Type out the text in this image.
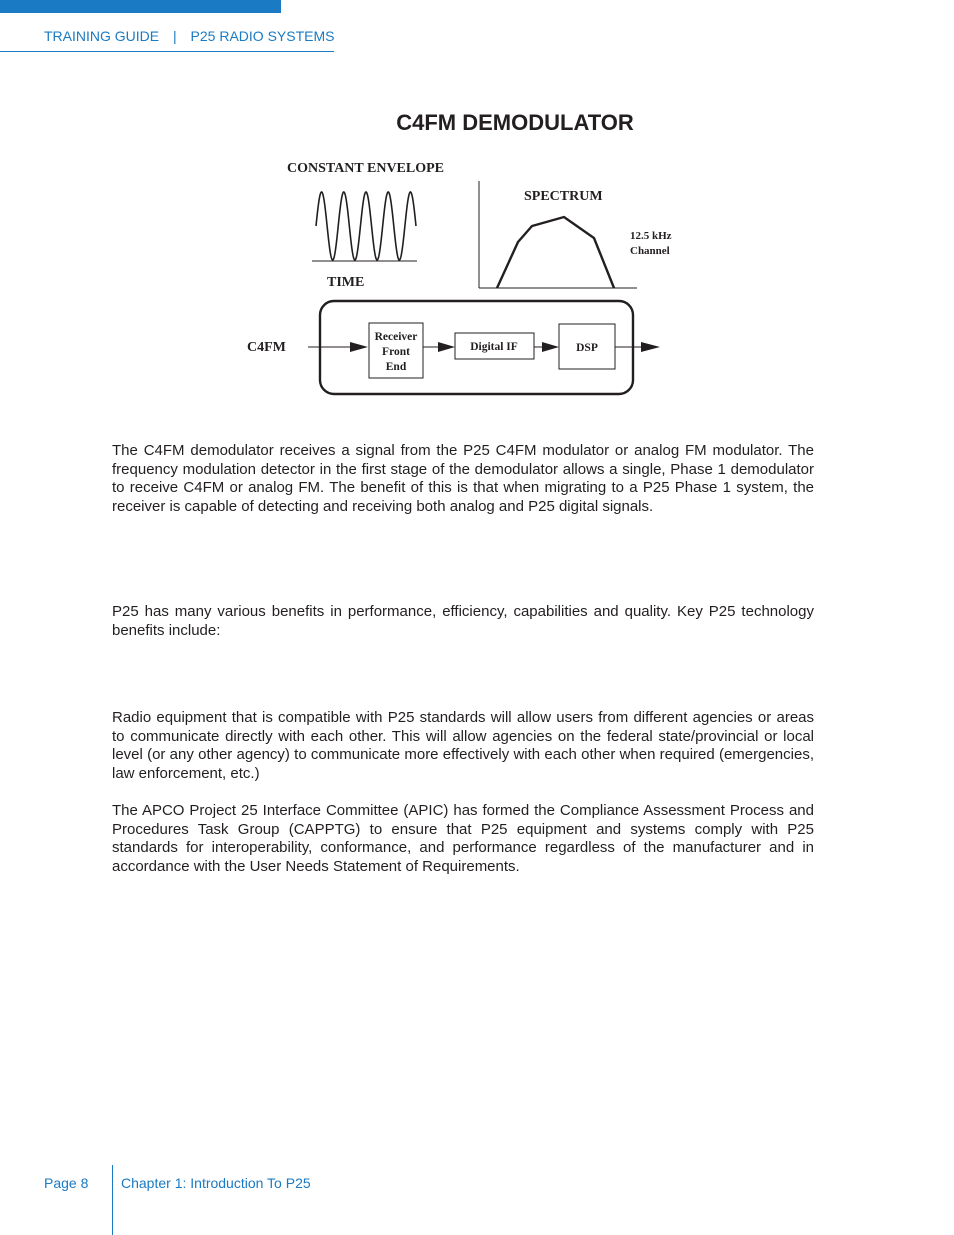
TRAINING GUIDE | P25 RADIO SYSTEMS
C4FM DEMODULATOR
CONSTANT ENVELOPE
TIME
SPECTRUM
12.5 kHz
Channel
C4FM
Receiver
Front
End
Digital IF	DSP
The C4FM demodulator receives a signal from the P25 C4FM modulator or analog FM modulator. The frequency modulation detector in the first stage of the demodulator allows a single, Phase 1 demodulator to receive C4FM or analog FM. The benefit of this is that when migrating to a P25 Phase 1 system, the receiver is capable of detecting and receiving both analog and P25 digital signals.
P25 has many various benefits in performance, efficiency, capabilities and quality. Key P25 technology benefits include:
Radio equipment that is compatible with P25 standards will allow users from different agencies or areas to communicate directly with each other. This will allow agencies on the federal state/provincial or local level (or any other agency) to communicate more effectively with each other when required (emergencies, law enforcement, etc.)
The APCO Project 25 Interface Committee (APIC) has formed the Compliance Assessment Process and Procedures Task Group (CAPPTG) to ensure that P25 equipment and systems comply with P25 standards for interoperability, conformance, and performance regardless of the manufacturer and in accordance with the User Needs Statement of Requirements.
Page 8 Chapter 1: Introduction To P25
